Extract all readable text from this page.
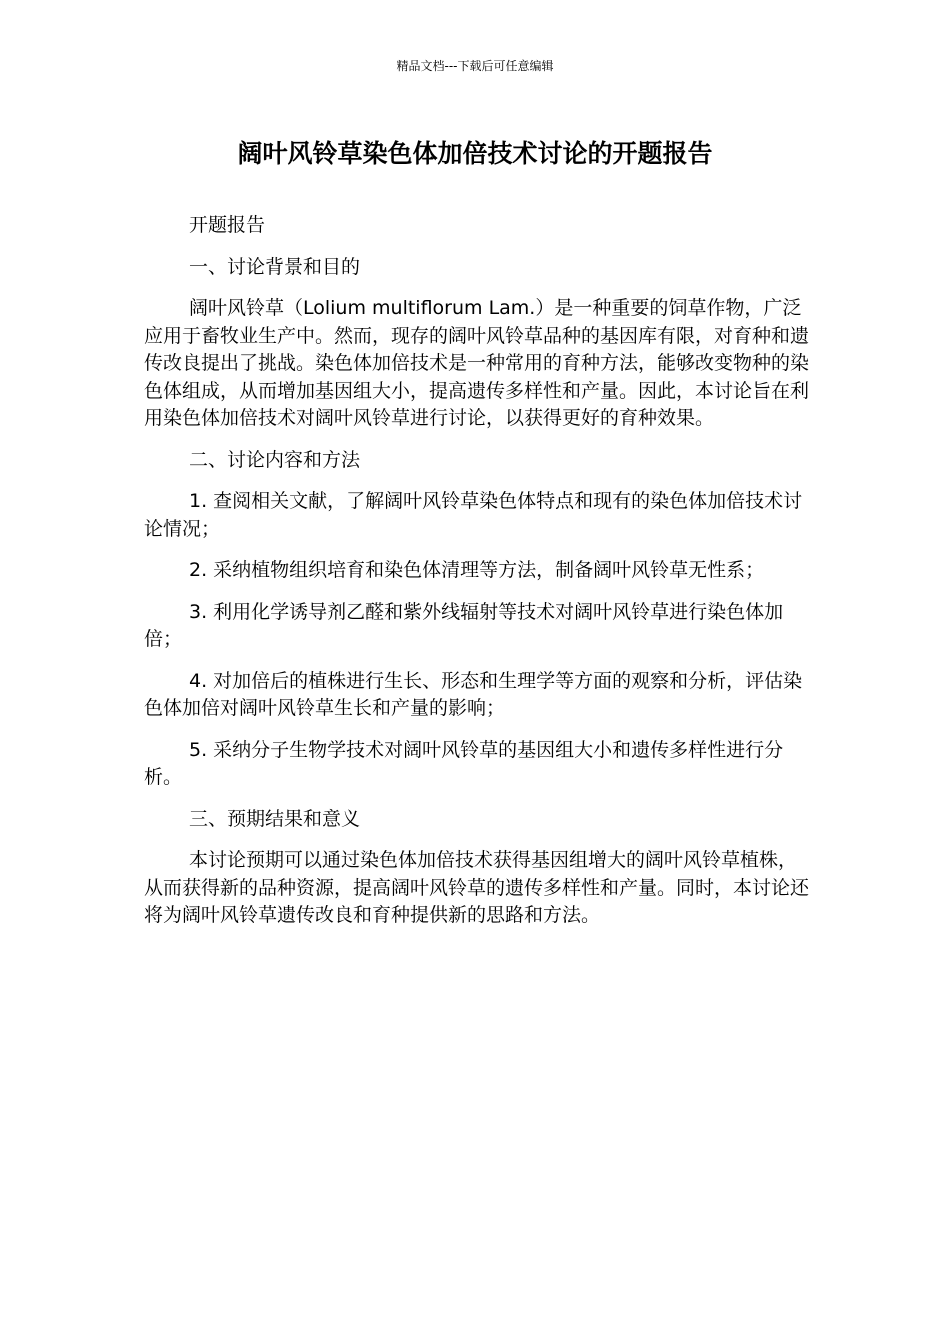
精品文档---下载后可任意编辑
阔叶风铃草染色体加倍技术讨论的开题报告

开题报告

一、讨论背景和目的

阔叶风铃草（Lolium multiflorum Lam.）是一种重要的饲草作物，广泛应用于畜牧业生产中。然而，现存的阔叶风铃草品种的基因库有限，对育种和遗传改良提出了挑战。染色体加倍技术是一种常用的育种方法，能够改变物种的染色体组成，从而增加基因组大小，提高遗传多样性和产量。因此，本讨论旨在利用染色体加倍技术对阔叶风铃草进行讨论，以获得更好的育种效果。

二、讨论内容和方法

1. 查阅相关文献，了解阔叶风铃草染色体特点和现有的染色体加倍技术讨论情况；

2. 采纳植物组织培育和染色体清理等方法，制备阔叶风铃草无性系；

3. 利用化学诱导剂乙醛和紫外线辐射等技术对阔叶风铃草进行染色体加倍；

4. 对加倍后的植株进行生长、形态和生理学等方面的观察和分析，评估染色体加倍对阔叶风铃草生长和产量的影响；

5. 采纳分子生物学技术对阔叶风铃草的基因组大小和遗传多样性进行分析。

三、预期结果和意义

本讨论预期可以通过染色体加倍技术获得基因组增大的阔叶风铃草植株，从而获得新的品种资源，提高阔叶风铃草的遗传多样性和产量。同时，本讨论还将为阔叶风铃草遗传改良和育种提供新的思路和方法。
